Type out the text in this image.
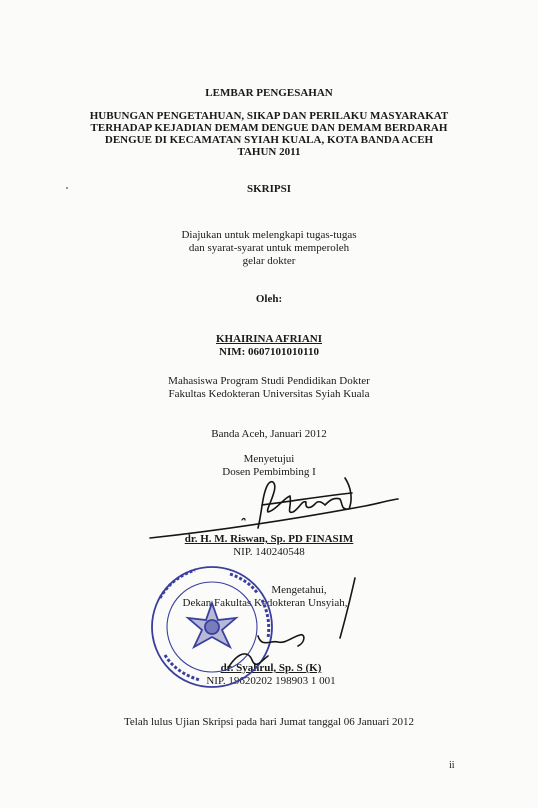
LEMBAR PENGESAHAN
HUBUNGAN PENGETAHUAN, SIKAP DAN PERILAKU MASYARAKAT
TERHADAP KEJADIAN DEMAM DENGUE DAN DEMAM BERDARAH
DENGUE DI KECAMATAN SYIAH KUALA, KOTA BANDA ACEH
TAHUN 2011
SKRIPSI
Diajukan untuk melengkapi tugas-tugas
dan syarat-syarat untuk memperoleh
gelar dokter
Oleh:
KHAIRINA AFRIANI
NIM: 0607101010110
Mahasiswa Program Studi Pendidikan Dokter
Fakultas Kedokteran Universitas Syiah Kuala
Banda Aceh, Januari 2012
Menyetujui
Dosen Pembimbing I
dr. H. M. Riswan, Sp. PD FINASIM
NIP. 140240548
Mengetahui,
Dekan Fakultas Kedokteran Unsyiah,
dr. Syahrul, Sp. S (K)
NIP. 19620202 198903 1 001
Telah lulus Ujian Skripsi pada hari Jumat tanggal 06 Januari 2012
ii
